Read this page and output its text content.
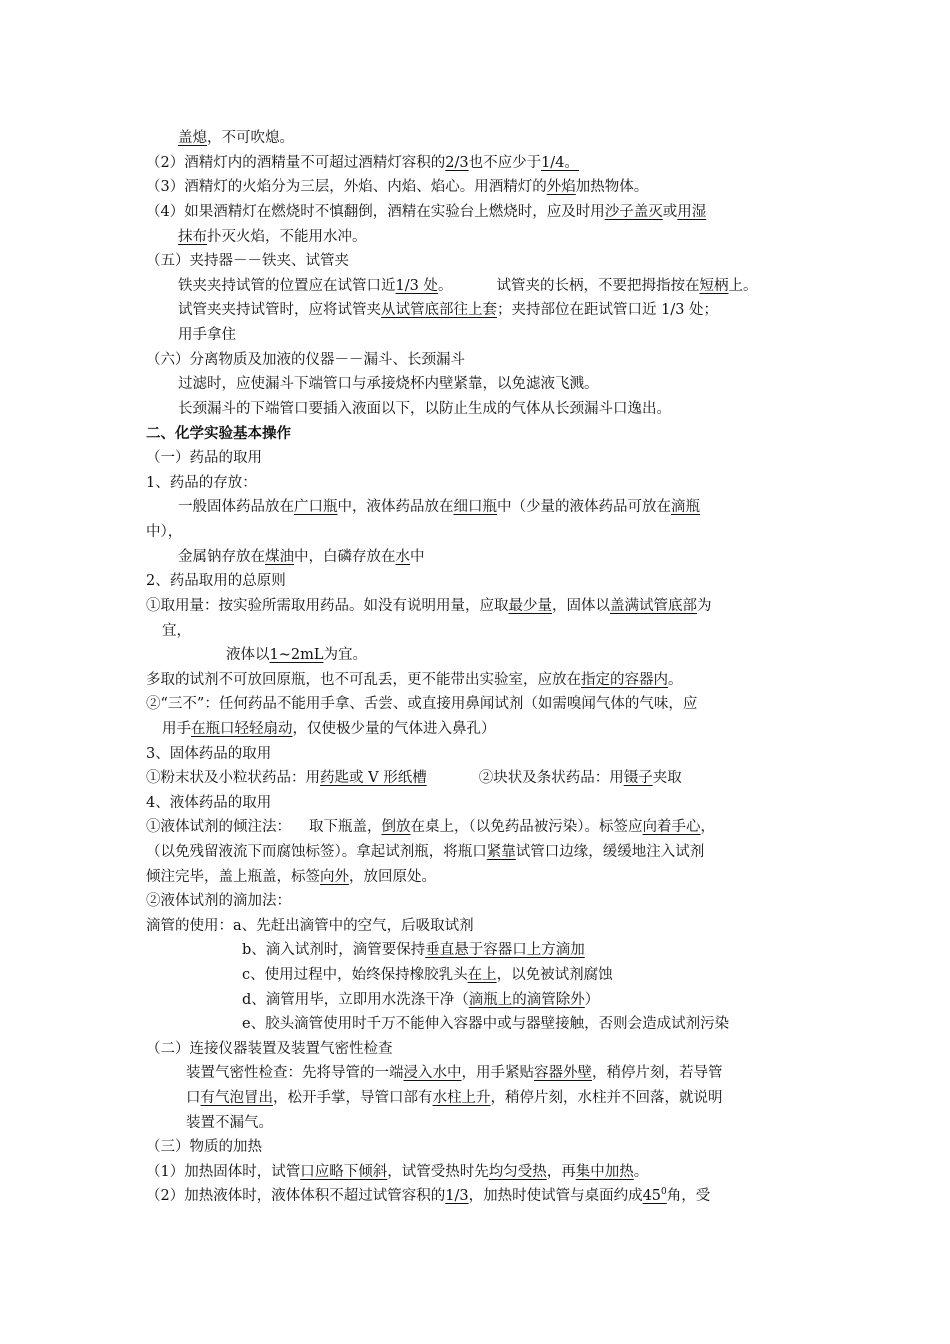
盖熄，不可吹熄。
（2）酒精灯内的酒精量不可超过酒精灯容积的2/3也不应少于1/4。
（3）酒精灯的火焰分为三层，外焰、内焰、焰心。用酒精灯的外焰加热物体。
（4）如果酒精灯在燃烧时不慎翻倒，酒精在实验台上燃烧时，应及时用沙子盖灭或用湿
抹布扑灭火焰，不能用水冲。
（五）夹持器－－铁夹、试管夹
铁夹夹持试管的位置应在试管口近1/3 处。	试管夹的长柄，不要把拇指按在短柄上。
试管夹夹持试管时，应将试管夹从试管底部往上套；夹持部位在距试管口近 1/3 处；
用手拿住
（六）分离物质及加液的仪器－－漏斗、长颈漏斗
过滤时，应使漏斗下端管口与承接烧杯内壁紧靠，以免滤液飞溅。
长颈漏斗的下端管口要插入液面以下，以防止生成的气体从长颈漏斗口逸出。
二、化学实验基本操作
（一）药品的取用
1、药品的存放：
一般固体药品放在广口瓶中，液体药品放在细口瓶中（少量的液体药品可放在滴瓶
中），
金属钠存放在煤油中，白磷存放在水中
2、药品取用的总原则
①取用量：按实验所需取用药品。如没有说明用量，应取最少量，固体以盖满试管底部为
宜，
液体以1~2mL为宜。
多取的试剂不可放回原瓶，也不可乱丢，更不能带出实验室，应放在指定的容器内。
②“三不”：任何药品不能用手拿、舌尝、或直接用鼻闻试剂（如需嗅闻气体的气味，应
用手在瓶口轻轻扇动，仅使极少量的气体进入鼻孔）
3、固体药品的取用
①粉末状及小粒状药品：用药匙或 V 形纸槽	②块状及条状药品：用镊子夹取
4、液体药品的取用
①液体试剂的倾注法： 取下瓶盖，倒放在桌上，（以免药品被污染）。标签应向着手心，
（以免残留液流下而腐蚀标签）。拿起试剂瓶，将瓶口紧靠试管口边缘，缓缓地注入试剂
倾注完毕，盖上瓶盖，标签向外，放回原处。
②液体试剂的滴加法：
滴管的使用：a、先赶出滴管中的空气，后吸取试剂
b、滴入试剂时，滴管要保持垂直悬于容器口上方滴加
c、使用过程中，始终保持橡胶乳头在上，以免被试剂腐蚀
d、滴管用毕，立即用水洗涤干净（滴瓶上的滴管除外）
e、胶头滴管使用时千万不能伸入容器中或与器壁接触，否则会造成试剂污染
（二）连接仪器装置及装置气密性检查
装置气密性检查：先将导管的一端浸入水中，用手紧贴容器外壁，稍停片刻，若导管
口有气泡冒出，松开手掌，导管口部有水柱上升，稍停片刻，水柱并不回落，就说明
装置不漏气。
（三）物质的加热
（1）加热固体时，试管口应略下倾斜，试管受热时先均匀受热，再集中加热。
（2）加热液体时，液体体积不超过试管容积的1/3，加热时使试管与桌面约成$45^0$角，受
